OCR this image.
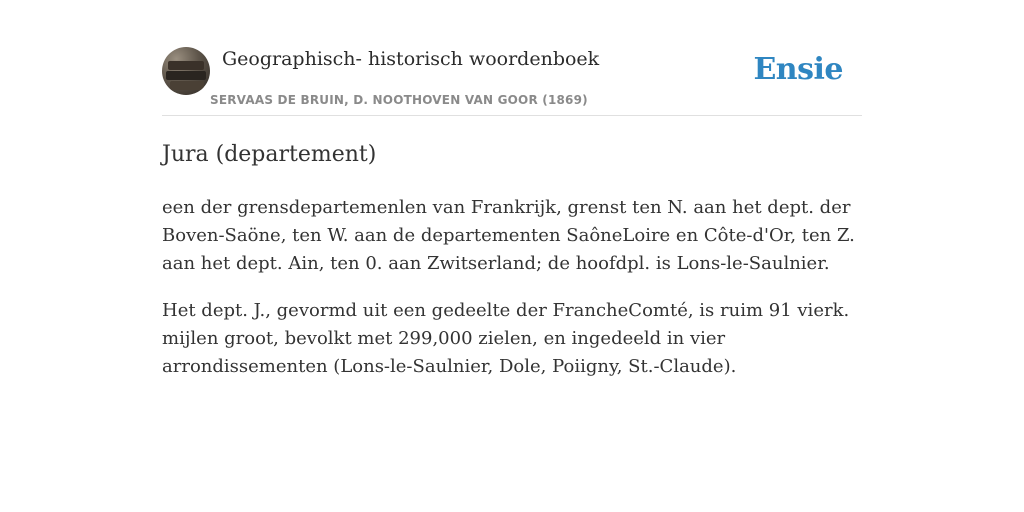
Geographisch- historisch woordenboek
SERVAAS DE BRUIN, D. NOOTHOVEN VAN GOOR (1869)
Ensie
Jura (departement)

een der grensdepartemenlen van Frankrijk, grenst ten N. aan het dept. der Boven-Saöne, ten W. aan de departementen SaôneLoire en Côte-d'Or, ten Z. aan het dept. Ain, ten 0. aan Zwitserland; de hoofdpl. is Lons-le-Saulnier.

Het dept. J., gevormd uit een gedeelte der FrancheComté, is ruim 91 vierk. mijlen groot, bevolkt met 299,000 zielen, en ingedeeld in vier arrondissementen (Lons-le-Saulnier, Dole, Poiigny, St.-Claude).
